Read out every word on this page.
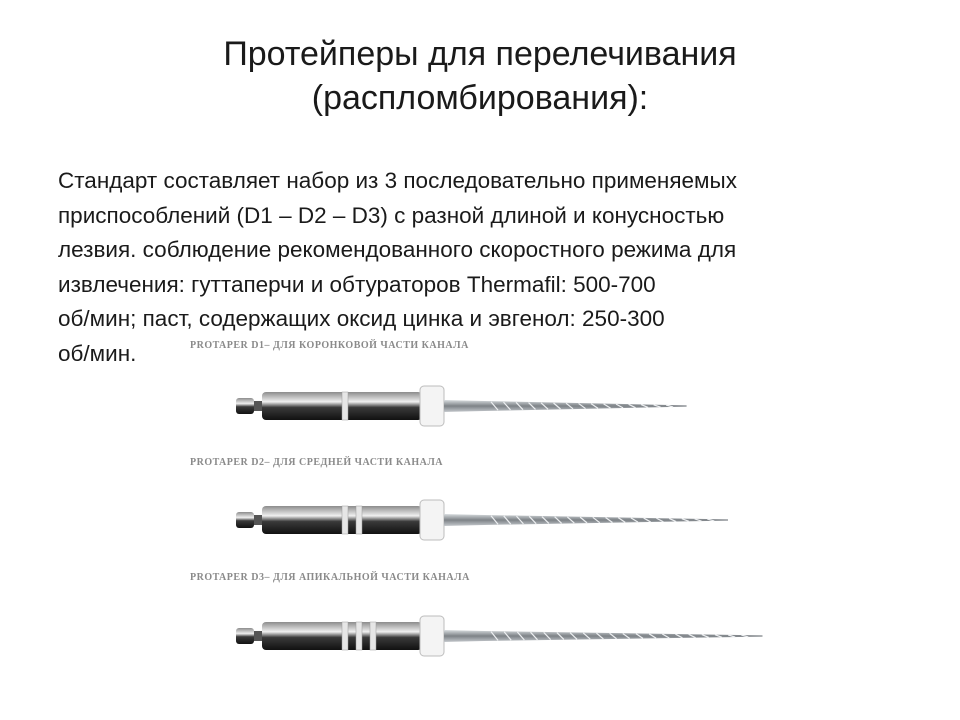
Протейперы для перелечивания
(распломбирования):
Стандарт составляет набор из 3 последовательно применяемых
приспособлений (D1 – D2 – D3) с разной длиной и конусностью
лезвия. соблюдение рекомендованного скоростного режима для
извлечения: гуттаперчи и обтураторов Thermafil: 500-700
об/мин; паст, содержащих оксид цинка и эвгенол: 250-300
об/мин.	PROTAPER D1– ДЛЯ КОРОНКОВОЙ ЧАСТИ КАНАЛА
PROTAPER D2– ДЛЯ СРЕДНЕЙ ЧАСТИ КАНАЛА
PROTAPER D3– ДЛЯ АПИКАЛЬНОЙ ЧАСТИ КАНАЛА
